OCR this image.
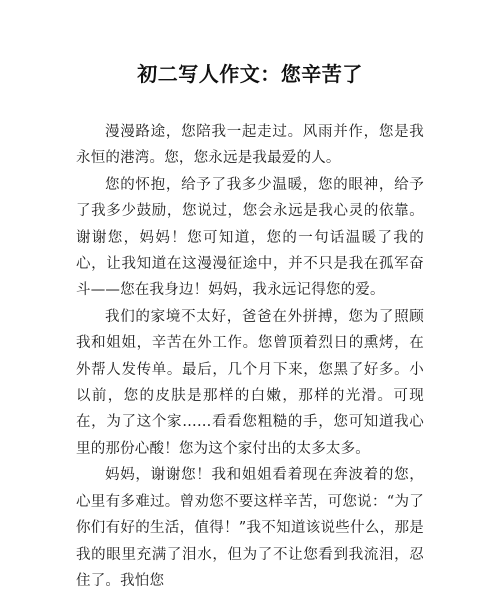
初二写人作文：您辛苦了

漫漫路途，您陪我一起走过。风雨并作，您是我永恒的港湾。您，您永远是我最爱的人。

您的怀抱，给予了我多少温暖，您的眼神，给予了我多少鼓励，您说过，您会永远是我心灵的依靠。谢谢您，妈妈！您可知道，您的一句话温暖了我的心，让我知道在这漫漫征途中，并不只是我在孤军奋斗——您在我身边！妈妈，我永远记得您的爱。

我们的家境不太好，爸爸在外拼搏，您为了照顾我和姐姐，辛苦在外工作。您曾顶着烈日的熏烤，在外帮人发传单。最后，几个月下来，您黑了好多。小以前，您的皮肤是那样的白嫩，那样的光滑。可现在，为了这个家……看看您粗糙的手，您可知道我心里的那份心酸！您为这个家付出的太多太多。

妈妈，谢谢您！我和姐姐看着现在奔波着的您，心里有多难过。曾劝您不要这样辛苦，可您说：“为了你们有好的生活，值得！”我不知道该说些什么，那是我的眼里充满了泪水，但为了不让您看到我流泪，忍住了。我怕您
